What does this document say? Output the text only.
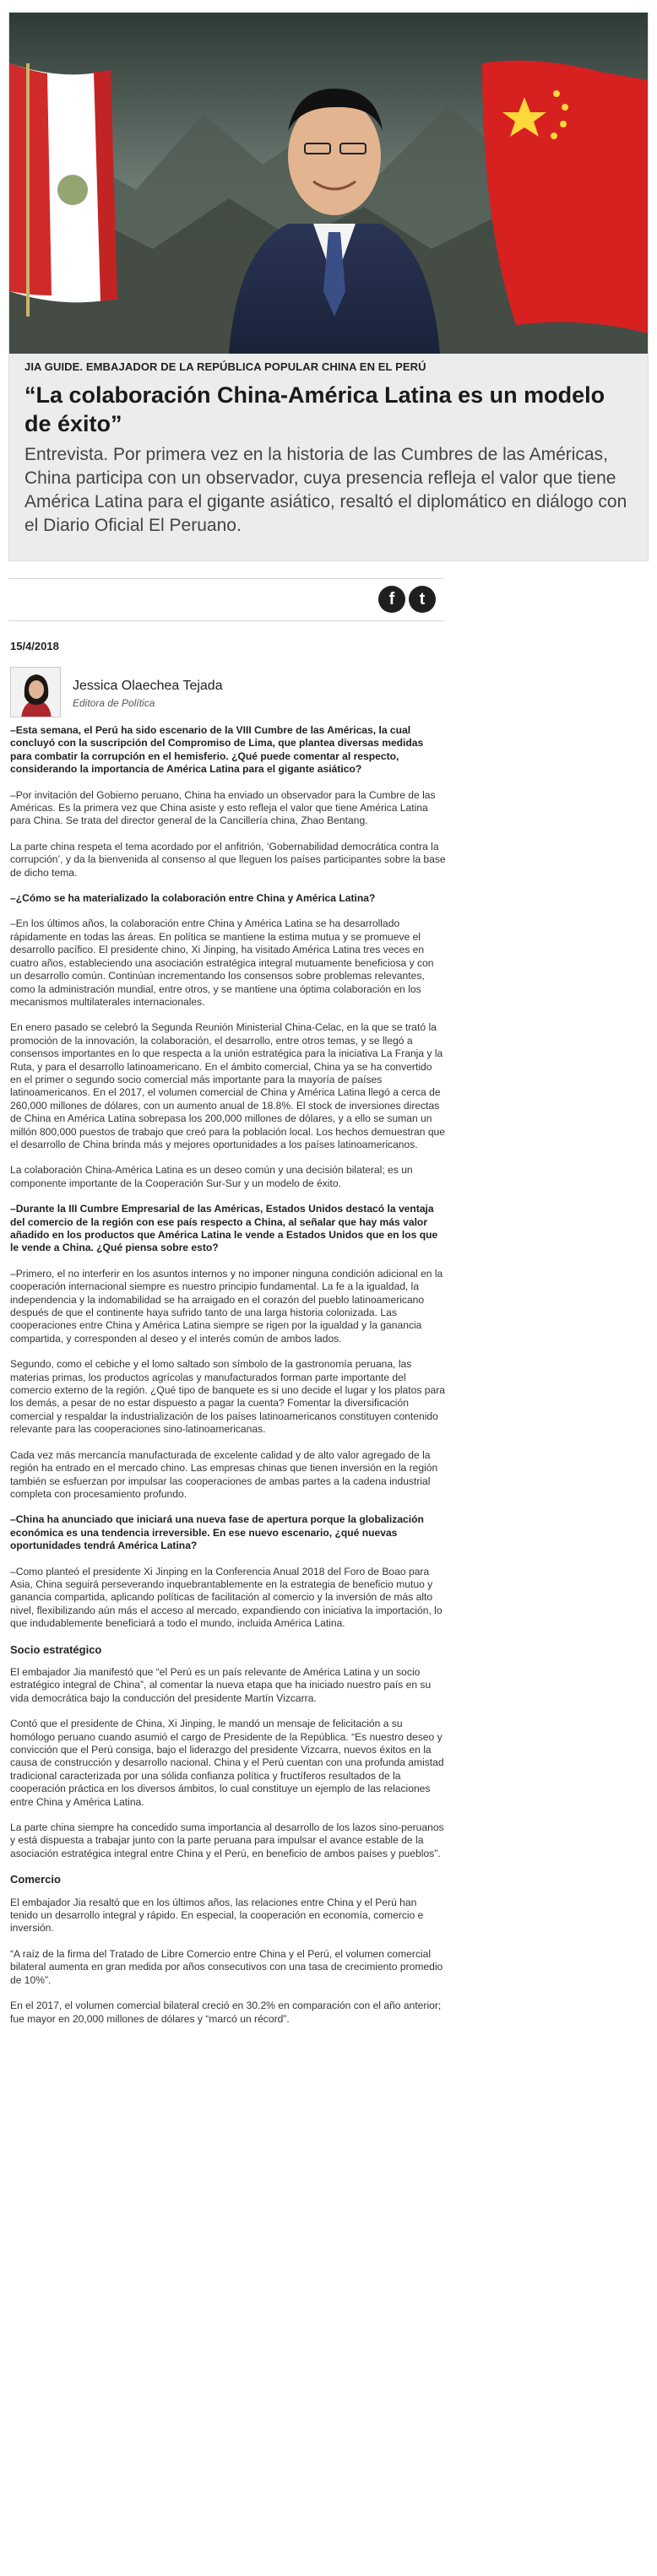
JIA GUIDE. EMBAJADOR DE LA REPÚBLICA POPULAR CHINA EN EL PERÚ
“La colaboración China-América Latina es un modelo de éxito”

Entrevista. Por primera vez en la historia de las Cumbres de las Américas, China participa con un observador, cuya presencia refleja el valor que tiene América Latina para el gigante asiático, resaltó el diplomático en diálogo con el Diario Oficial El Peruano.

f	t
15/4/2018
Jessica Olaechea Tejada
Editora de Política

–Esta semana, el Perú ha sido escenario de la VIII Cumbre de las Américas, la cual concluyó con la suscripción del Compromiso de Lima, que plantea diversas medidas para combatir la corrupción en el hemisferio. ¿Qué puede comentar al respecto, considerando la importancia de América Latina para el gigante asiático?

–Por invitación del Gobierno peruano, China ha enviado un observador para la Cumbre de las Américas. Es la primera vez que China asiste y esto refleja el valor que tiene América Latina para China. Se trata del director general de la Cancillería china, Zhao Bentang.

La parte china respeta el tema acordado por el anfitrión, ‘Gobernabilidad democrática contra la corrupción’, y da la bienvenida al consenso al que lleguen los países participantes sobre la base de dicho tema.

–¿Cómo se ha materializado la colaboración entre China y América Latina?

–En los últimos años, la colaboración entre China y América Latina se ha desarrollado rápidamente en todas las áreas. En política se mantiene la estima mutua y se promueve el desarrollo pacífico. El presidente chino, Xi Jinping, ha visitado América Latina tres veces en cuatro años, estableciendo una asociación estratégica integral mutuamente beneficiosa y con un desarrollo común. Continúan incrementando los consensos sobre problemas relevantes, como la administración mundial, entre otros, y se mantiene una óptima colaboración en los mecanismos multilaterales internacionales.

En enero pasado se celebró la Segunda Reunión Ministerial China-Celac, en la que se trató la promoción de la innovación, la colaboración, el desarrollo, entre otros temas, y se llegó a consensos importantes en lo que respecta a la unión estratégica para la iniciativa La Franja y la Ruta, y para el desarrollo latinoamericano. En el ámbito comercial, China ya se ha convertido en el primer o segundo socio comercial más importante para la mayoría de países latinoamericanos. En el 2017, el volumen comercial de China y América Latina llegó a cerca de 260,000 millones de dólares, con un aumento anual de 18.8%. El stock de inversiones directas de China en América Latina sobrepasa los 200,000 millones de dólares, y a ello se suman un millón 800,000 puestos de trabajo que creó para la población local. Los hechos demuestran que el desarrollo de China brinda más y mejores oportunidades a los países latinoamericanos.

La colaboración China-América Latina es un deseo común y una decisión bilateral; es un componente importante de la Cooperación Sur-Sur y un modelo de éxito.

–Durante la III Cumbre Empresarial de las Américas, Estados Unidos destacó la ventaja del comercio de la región con ese país respecto a China, al señalar que hay más valor añadido en los productos que América Latina le vende a Estados Unidos que en los que le vende a China. ¿Qué piensa sobre esto?

–Primero, el no interferir en los asuntos internos y no imponer ninguna condición adicional en la cooperación internacional siempre es nuestro principio fundamental. La fe a la igualdad, la independencia y la indomabilidad se ha arraigado en el corazón del pueblo latinoamericano después de que el continente haya sufrido tanto de una larga historia colonizada. Las cooperaciones entre China y América Latina siempre se rigen por la igualdad y la ganancia compartida, y corresponden al deseo y el interés común de ambos lados.

Segundo, como el cebiche y el lomo saltado son símbolo de la gastronomía peruana, las materias primas, los productos agrícolas y manufacturados forman parte importante del comercio externo de la región. ¿Qué tipo de banquete es si uno decide el lugar y los platos para los demás, a pesar de no estar dispuesto a pagar la cuenta? Fomentar la diversificación comercial y respaldar la industrialización de los países latinoamericanos constituyen contenido relevante para las cooperaciones sino-latinoamericanas.

Cada vez más mercancía manufacturada de excelente calidad y de alto valor agregado de la región ha entrado en el mercado chino. Las empresas chinas que tienen inversión en la región también se esfuerzan por impulsar las cooperaciones de ambas partes a la cadena industrial completa con procesamiento profundo.

–China ha anunciado que iniciará una nueva fase de apertura porque la globalización económica es una tendencia irreversible. En ese nuevo escenario, ¿qué nuevas oportunidades tendrá América Latina?

–Como planteó el presidente Xi Jinping en la Conferencia Anual 2018 del Foro de Boao para Asia, China seguirá perseverando inquebrantablemente en la estrategia de beneficio mutuo y ganancia compartida, aplicando políticas de facilitación al comercio y la inversión de más alto nivel, flexibilizando aún más el acceso al mercado, expandiendo con iniciativa la importación, lo que indudablemente beneficiará a todo el mundo, incluida América Latina.

Socio estratégico

El embajador Jia manifestó que “el Perú es un país relevante de América Latina y un socio estratégico integral de China”, al comentar la nueva etapa que ha iniciado nuestro país en su vida democrática bajo la conducción del presidente Martín Vizcarra.

Contó que el presidente de China, Xi Jinping, le mandó un mensaje de felicitación a su homólogo peruano cuando asumió el cargo de Presidente de la República. “Es nuestro deseo y convicción que el Perú consiga, bajo el liderazgo del presidente Vizcarra, nuevos éxitos en la causa de construcción y desarrollo nacional. China y el Perú cuentan con una profunda amistad tradicional caracterizada por una sólida confianza política y fructíferos resultados de la cooperación práctica en los diversos ámbitos, lo cual constituye un ejemplo de las relaciones entre China y América Latina.

La parte china siempre ha concedido suma importancia al desarrollo de los lazos sino-peruanos y está dispuesta a trabajar junto con la parte peruana para impulsar el avance estable de la asociación estratégica integral entre China y el Perú, en beneficio de ambos países y pueblos”.

Comercio

El embajador Jia resaltó que en los últimos años, las relaciones entre China y el Perú han tenido un desarrollo integral y rápido. En especial, la cooperación en economía, comercio e inversión.

“A raíz de la firma del Tratado de Libre Comercio entre China y el Perú, el volumen comercial bilateral aumenta en gran medida por años consecutivos con una tasa de crecimiento promedio de 10%”.

En el 2017, el volumen comercial bilateral creció en 30.2% en comparación con el año anterior; fue mayor en 20,000 millones de dólares y “marcó un récord”.
